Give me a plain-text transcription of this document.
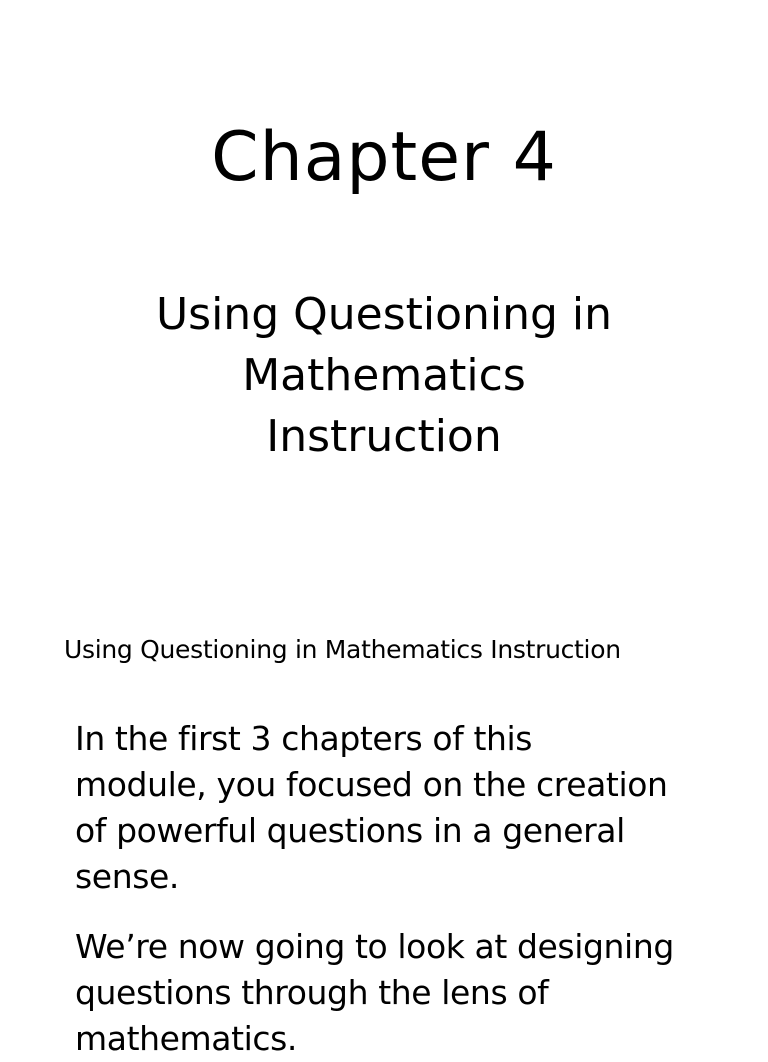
Chapter 4
Using Questioning in
Mathematics
Instruction
Using Questioning in Mathematics Instruction
In the first 3 chapters of this
module, you focused on the creation
of powerful questions in a general
sense.
We’re now going to look at designing
questions through the lens of
mathematics.
